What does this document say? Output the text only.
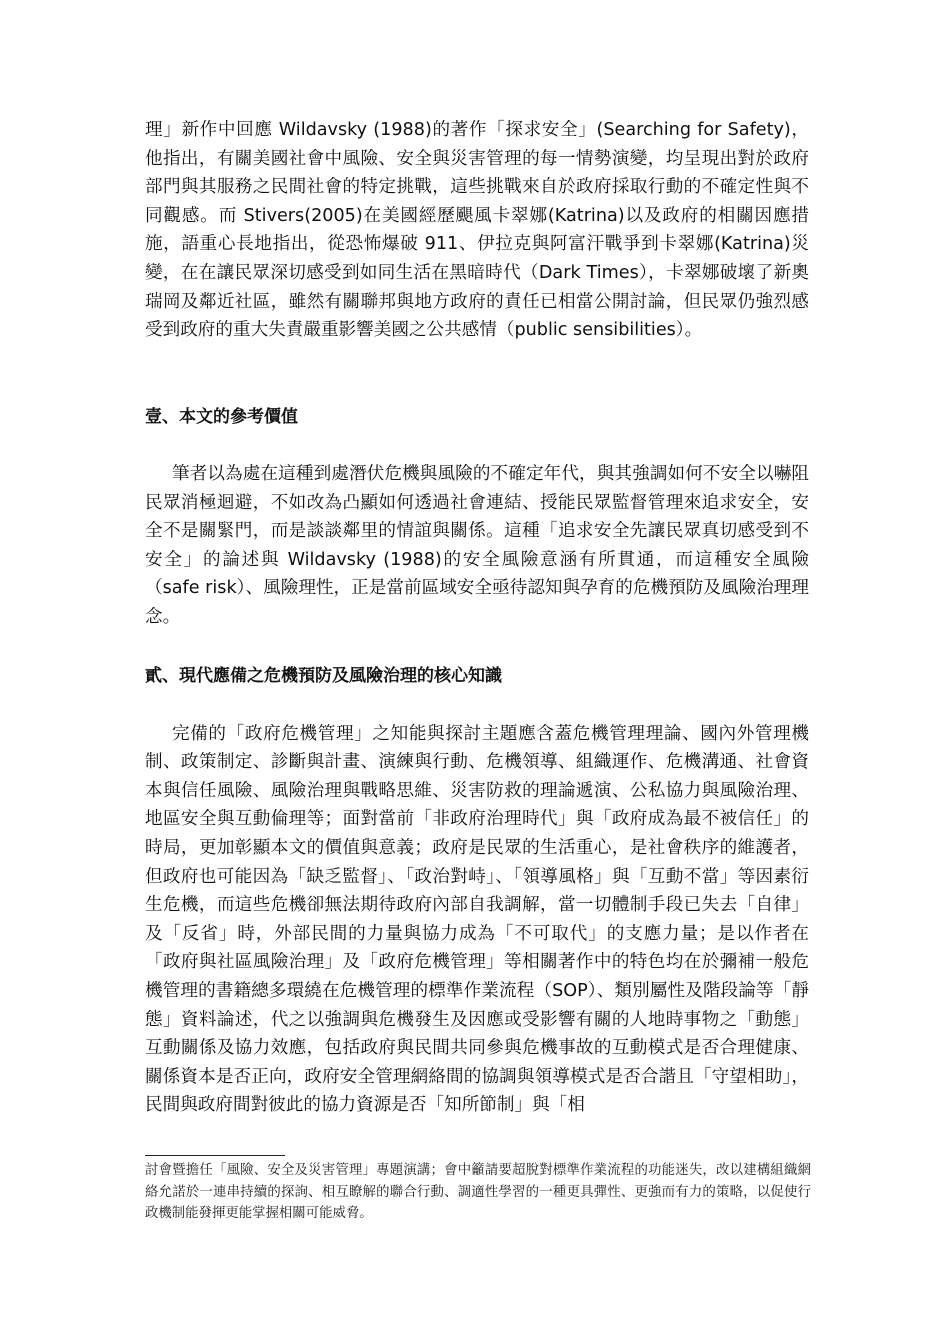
理」新作中回應 Wildavsky (1988)的著作「探求安全」(Searching for Safety)，他指出，有關美國社會中風險、安全與災害管理的每一情勢演變，均呈現出對於政府部門與其服務之民間社會的特定挑戰，這些挑戰來自於政府採取行動的不確定性與不同觀感。而 Stivers(2005)在美國經歷颶風卡翠娜(Katrina)以及政府的相關因應措施，語重心長地指出，從恐怖爆破 911、伊拉克與阿富汗戰爭到卡翠娜(Katrina)災變，在在讓民眾深切感受到如同生活在黑暗時代（Dark Times），卡翠娜破壞了新奧瑞岡及鄰近社區，雖然有關聯邦與地方政府的責任已相當公開討論，但民眾仍強烈感受到政府的重大失責嚴重影響美國之公共感情（public sensibilities）。

壹、本文的參考價值

筆者以為處在這種到處潛伏危機與風險的不確定年代，與其強調如何不安全以嚇阻民眾消極迴避，不如改為凸顯如何透過社會連結、授能民眾監督管理來追求安全，安全不是關緊門，而是談談鄰里的情誼與關係。這種「追求安全先讓民眾真切感受到不安全」的論述與 Wildavsky (1988)的安全風險意涵有所貫通，而這種安全風險（safe risk）、風險理性，正是當前區域安全亟待認知與孕育的危機預防及風險治理理念。

貳、現代應備之危機預防及風險治理的核心知識

完備的「政府危機管理」之知能與探討主題應含蓋危機管理理論、國內外管理機制、政策制定、診斷與計畫、演練與行動、危機領導、組織運作、危機溝通、社會資本與信任風險、風險治理與戰略思維、災害防救的理論遞演、公私協力與風險治理、地區安全與互動倫理等；面對當前「非政府治理時代」與「政府成為最不被信任」的時局，更加彰顯本文的價值與意義；政府是民眾的生活重心，是社會秩序的維護者，但政府也可能因為「缺乏監督」、「政治對峙」、「領導風格」與「互動不當」等因素衍生危機，而這些危機卻無法期待政府內部自我調解，當一切體制手段已失去「自律」及「反省」時，外部民間的力量與協力成為「不可取代」的支應力量；是以作者在「政府與社區風險治理」及「政府危機管理」等相關著作中的特色均在於彌補一般危機管理的書籍總多環繞在危機管理的標準作業流程（SOP）、類別屬性及階段論等「靜態」資料論述，代之以強調與危機發生及因應或受影響有關的人地時事物之「動態」互動關係及協力效應，包括政府與民間共同參與危機事故的互動模式是否合理健康、關係資本是否正向，政府安全管理網絡間的協調與領導模式是否合諧且「守望相助」，民間與政府間對彼此的協力資源是否「知所節制」與「相

討會暨擔任「風險、安全及災害管理」專題演講；會中籲請要超脫對標準作業流程的功能迷失，改以建構組織網絡允諾於一連串持續的探詢、相互瞭解的聯合行動、調適性學習的一種更具彈性、更強而有力的策略，以促使行政機制能發揮更能掌握相關可能威脅。
